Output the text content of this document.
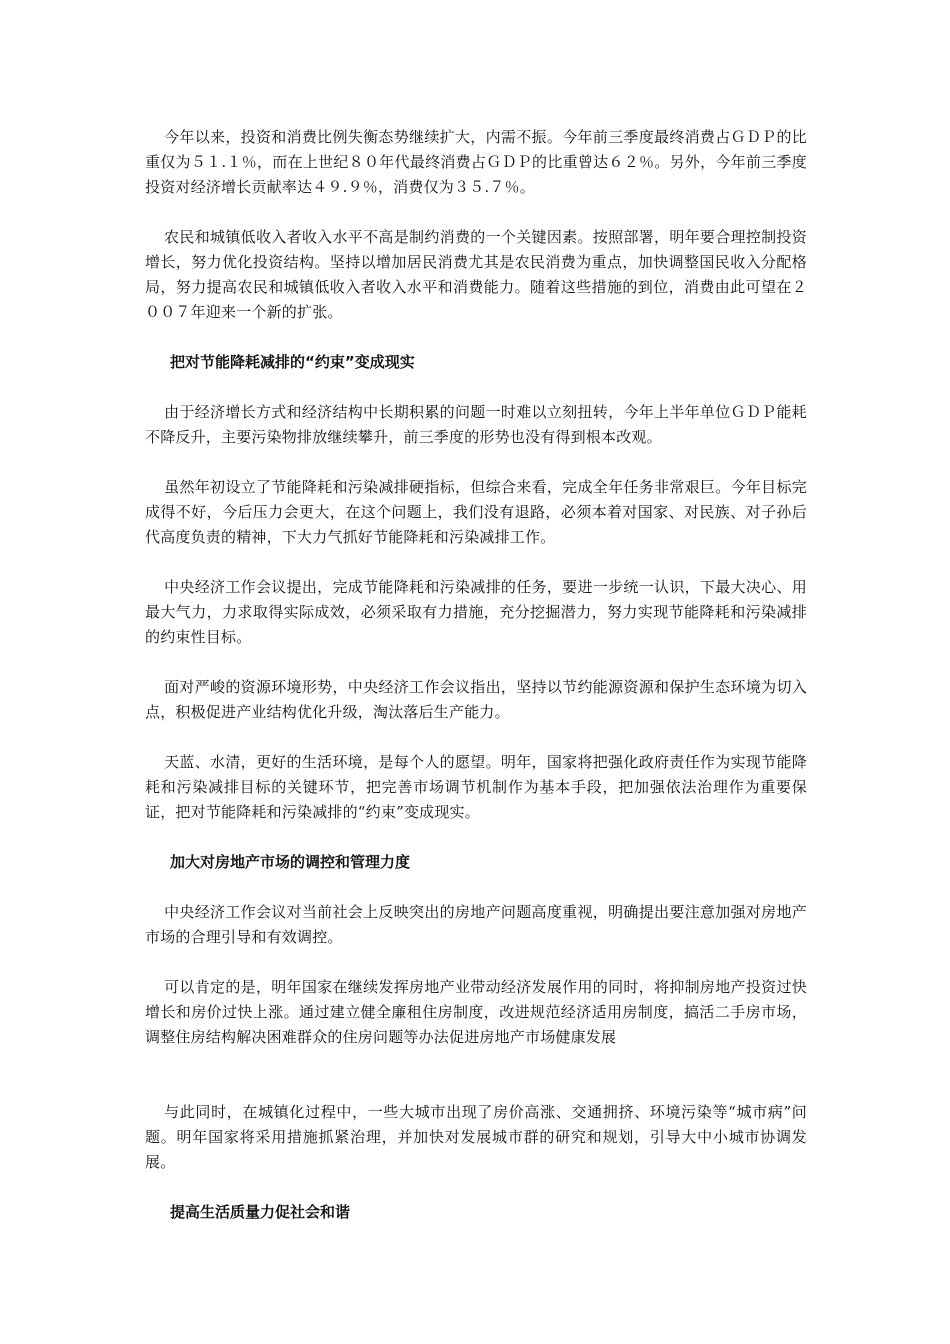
今年以来，投资和消费比例失衡态势继续扩大，内需不振。今年前三季度最终消费占ＧＤＰ的比重仅为５１.１％，而在上世纪８０年代最终消费占ＧＤＰ的比重曾达６２％。另外，今年前三季度投资对经济增长贡献率达４９.９％，消费仅为３５.７％。

农民和城镇低收入者收入水平不高是制约消费的一个关键因素。按照部署，明年要合理控制投资增长，努力优化投资结构。坚持以增加居民消费尤其是农民消费为重点，加快调整国民收入分配格局，努力提高农民和城镇低收入者收入水平和消费能力。随着这些措施的到位，消费由此可望在２００７年迎来一个新的扩张。

把对节能降耗减排的“约束”变成现实

由于经济增长方式和经济结构中长期积累的问题一时难以立刻扭转，今年上半年单位ＧＤＰ能耗不降反升，主要污染物排放继续攀升，前三季度的形势也没有得到根本改观。

虽然年初设立了节能降耗和污染减排硬指标，但综合来看，完成全年任务非常艰巨。今年目标完成得不好，今后压力会更大，在这个问题上，我们没有退路，必须本着对国家、对民族、对子孙后代高度负责的精神，下大力气抓好节能降耗和污染减排工作。

中央经济工作会议提出，完成节能降耗和污染减排的任务，要进一步统一认识，下最大决心、用最大气力，力求取得实际成效，必须采取有力措施，充分挖掘潜力，努力实现节能降耗和污染减排的约束性目标。

面对严峻的资源环境形势，中央经济工作会议指出，坚持以节约能源资源和保护生态环境为切入点，积极促进产业结构优化升级，淘汰落后生产能力。

天蓝、水清，更好的生活环境，是每个人的愿望。明年，国家将把强化政府责任作为实现节能降耗和污染减排目标的关键环节，把完善市场调节机制作为基本手段，把加强依法治理作为重要保证，把对节能降耗和污染减排的“约束”变成现实。

加大对房地产市场的调控和管理力度

中央经济工作会议对当前社会上反映突出的房地产问题高度重视，明确提出要注意加强对房地产市场的合理引导和有效调控。

可以肯定的是，明年国家在继续发挥房地产业带动经济发展作用的同时，将抑制房地产投资过快增长和房价过快上涨。通过建立健全廉租住房制度，改进规范经济适用房制度，搞活二手房市场，调整住房结构解决困难群众的住房问题等办法促进房地产市场健康发展

与此同时，在城镇化过程中，一些大城市出现了房价高涨、交通拥挤、环境污染等“城市病”问题。明年国家将采用措施抓紧治理，并加快对发展城市群的研究和规划，引导大中小城市协调发展。

提高生活质量力促社会和谐
